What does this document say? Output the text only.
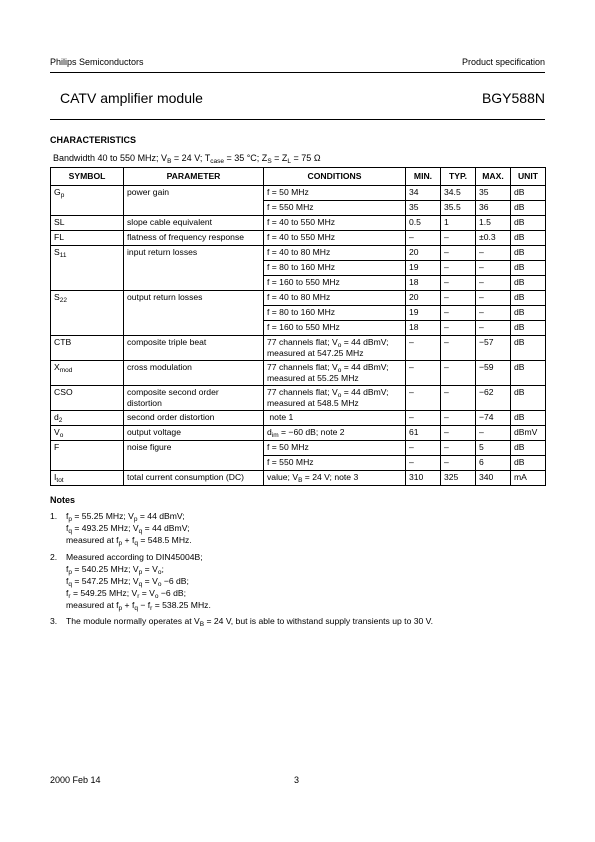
Philips Semiconductors	Product specification
CATV amplifier module	BGY588N
CHARACTERISTICS
Bandwidth 40 to 550 MHz; $V_B = 24$ V; $T_{case} = 35$ °C; $Z_S = Z_L = 75$ Ω
SYMBOL	PARAMETER	CONDITIONS	MIN.	TYP.	MAX.	UNIT
$G_p$	power gain	f = 50 MHz	34	34.5	35	dB
		f = 550 MHz	35	35.5	36	dB
SL	slope cable equivalent	f = 40 to 550 MHz	0.5	1	1.5	dB
FL	flatness of frequency response	f = 40 to 550 MHz	–	–	±0.3	dB
$S_{11}$	input return losses	f = 40 to 80 MHz	20	–	–	dB
		f = 80 to 160 MHz	19	–	–	dB
		f = 160 to 550 MHz	18	–	–	dB
$S_{22}$	output return losses	f = 40 to 80 MHz	20	–	–	dB
		f = 80 to 160 MHz	19	–	–	dB
		f = 160 to 550 MHz	18	–	–	dB
CTB	composite triple beat	77 channels flat; $V_o = 44$ dBmV;
measured at 547.25 MHz	–	–	−57	dB
$X_{mod}$	cross modulation	77 channels flat; $V_o = 44$ dBmV;
measured at 55.25 MHz	–	–	−59	dB
CSO	composite second order
distortion	77 channels flat; $V_o = 44$ dBmV;
measured at 548.5 MHz	–	–	−62	dB
$d_2$	second order distortion	note 1	–	–	−74	dB
$V_o$	output voltage	$d_{im} = -60$ dB; note 2	61	–	–	dBmV
F	noise figure	f = 50 MHz	–	–	5	dB
		f = 550 MHz	–	–	6	dB
$I_{tot}$	total current consumption (DC)	value; $V_B = 24$ V; note 3	310	325	340	mA
Notes
1.	$f_p = 55.25$ MHz; $V_p = 44$ dBmV;
$f_q = 493.25$ MHz; $V_q = 44$ dBmV;
measured at $f_p + f_q = 548.5$ MHz.
2.	Measured according to DIN45004B;
$f_p = 540.25$ MHz; $V_p = V_o$;
$f_q = 547.25$ MHz; $V_q = V_o -6$ dB;
$f_r = 549.25$ MHz; $V_r = V_o -6$ dB;
measured at $f_p + f_q - f_r = 538.25$ MHz.
3.	The module normally operates at $V_B = 24$ V, but is able to withstand supply transients up to 30 V.
2000 Feb 14	3
